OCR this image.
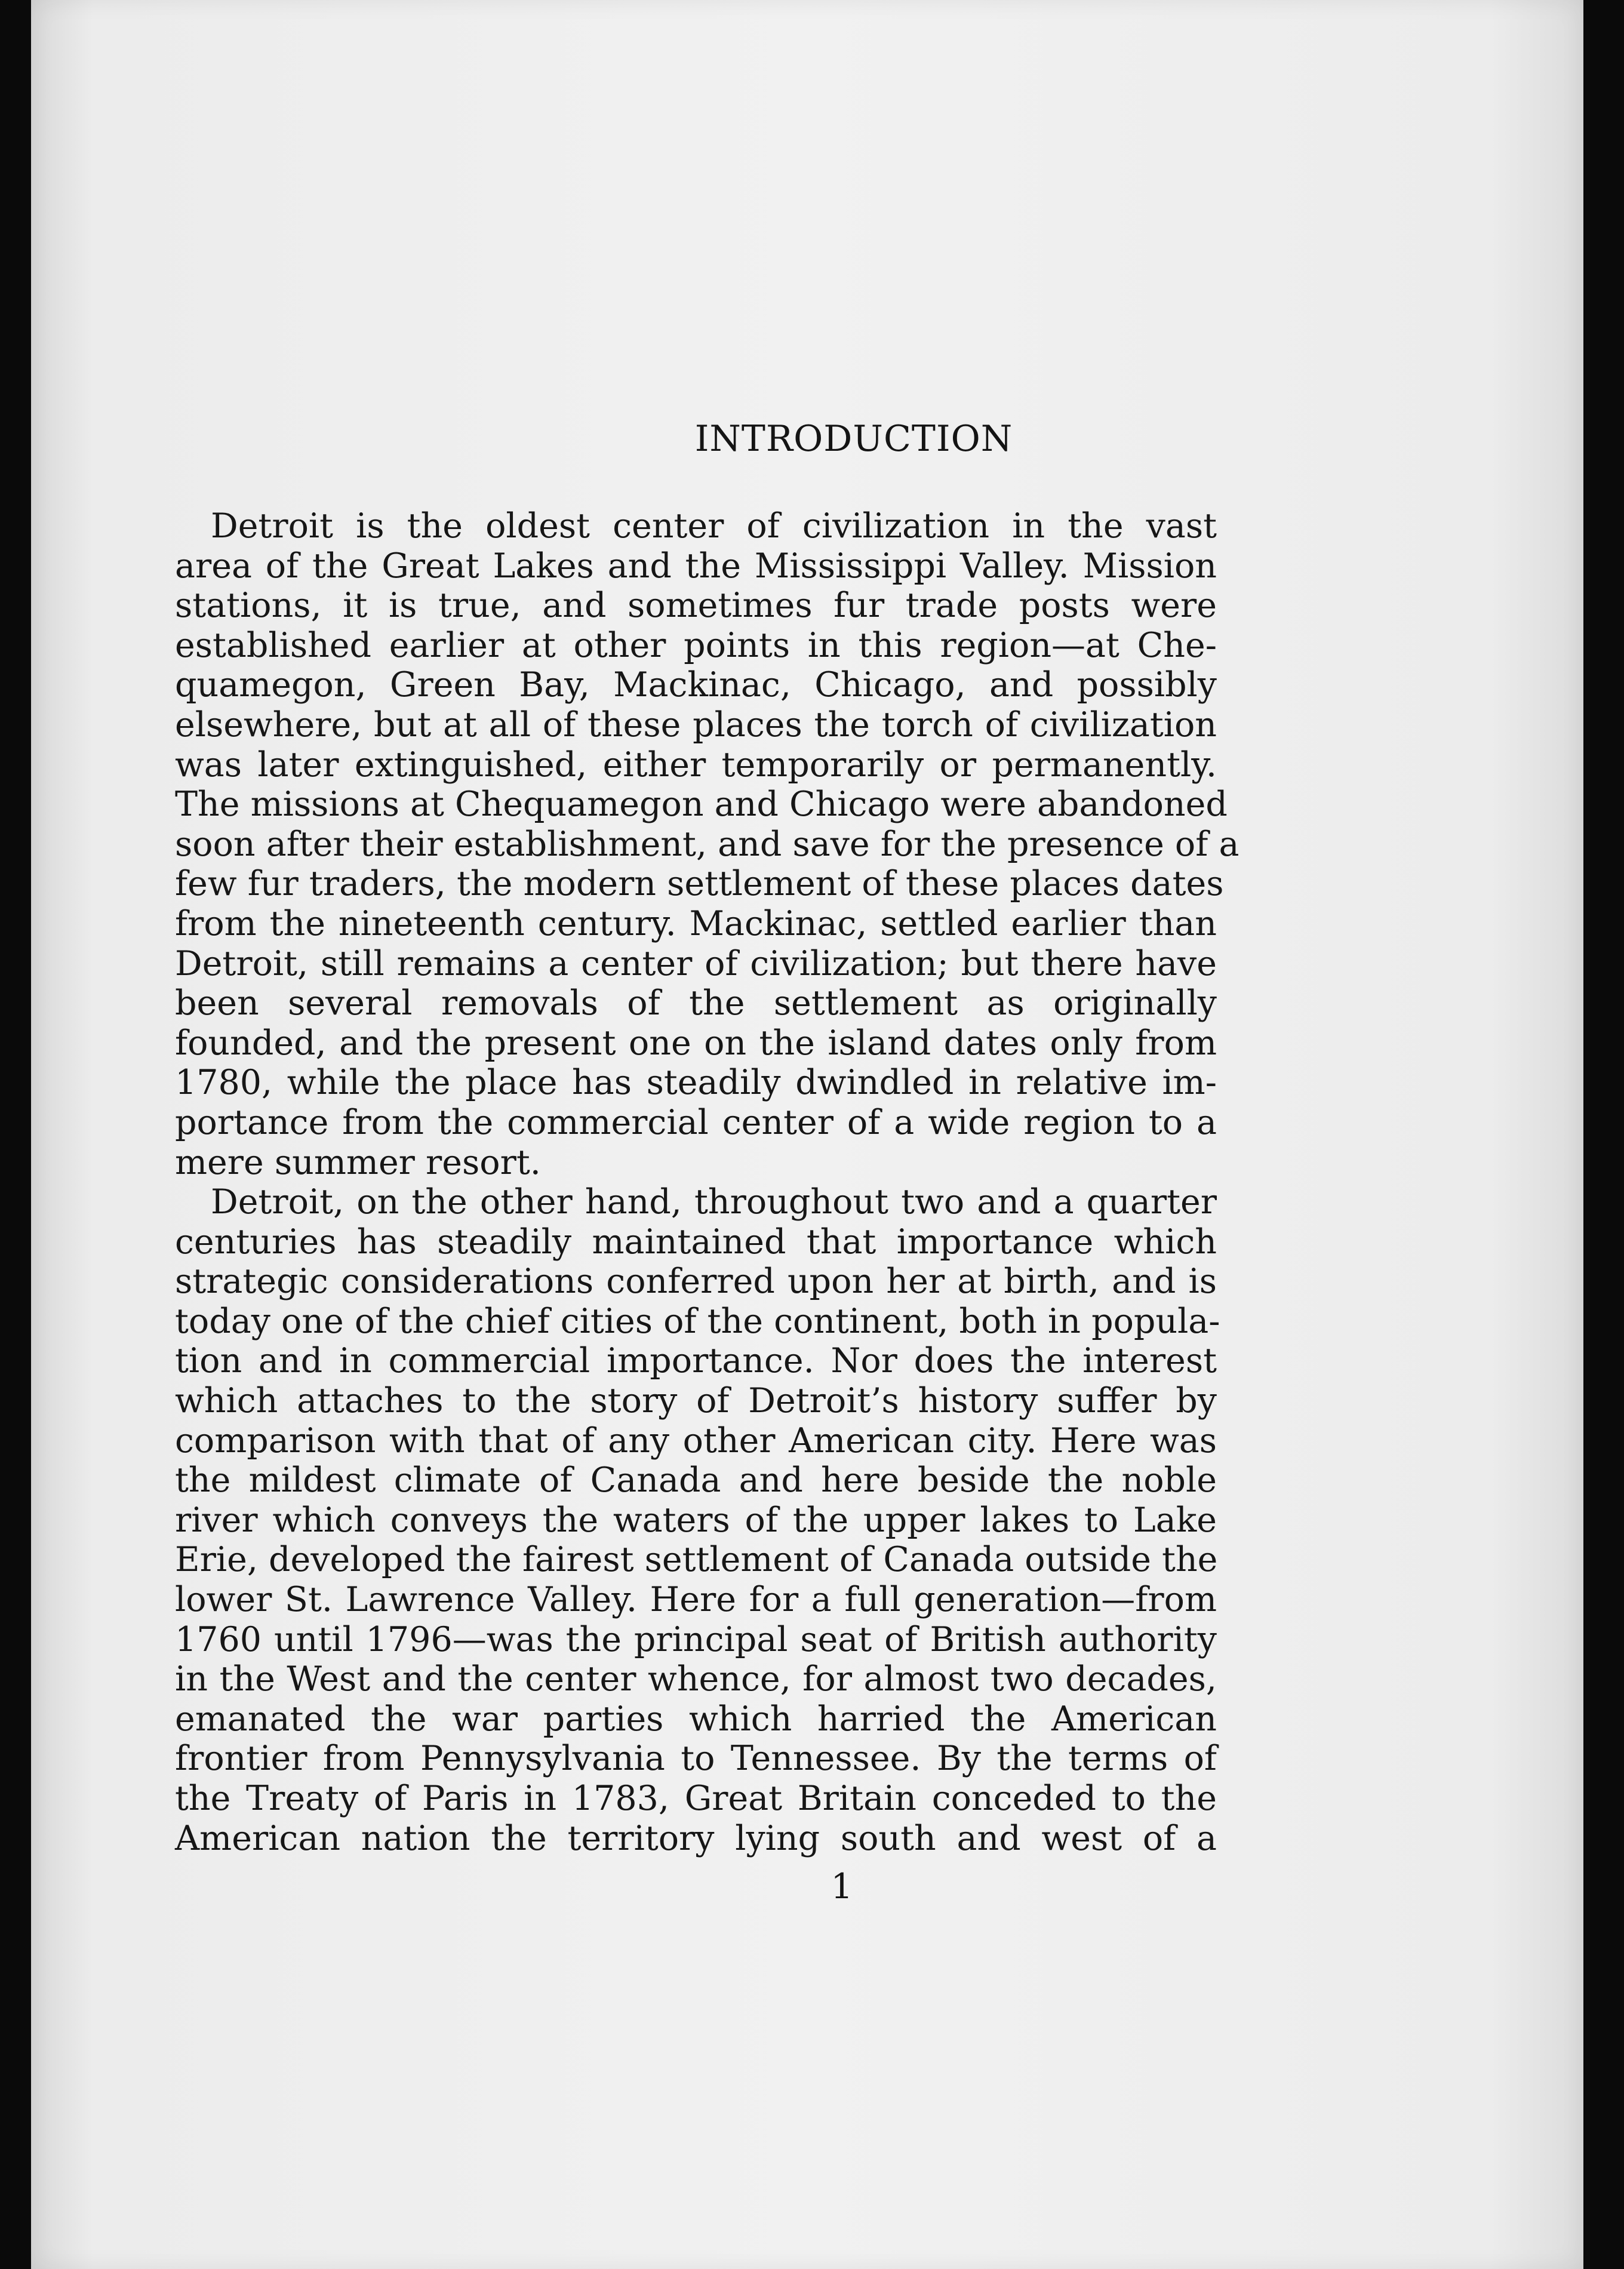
INTRODUCTION
Detroit is the oldest center of civilization in the vast
area of the Great Lakes and the Mississippi Valley. Mission
stations, it is true, and sometimes fur trade posts were
established earlier at other points in this region—at Che-
quamegon, Green Bay, Mackinac, Chicago, and possibly
elsewhere, but at all of these places the torch of civilization
was later extinguished, either temporarily or permanently.
The missions at Chequamegon and Chicago were abandoned
soon after their establishment, and save for the presence of a
few fur traders, the modern settlement of these places dates
from the nineteenth century. Mackinac, settled earlier than
Detroit, still remains a center of civilization; but there have
been several removals of the settlement as originally
founded, and the present one on the island dates only from
1780, while the place has steadily dwindled in relative im-
portance from the commercial center of a wide region to a
mere summer resort.
Detroit, on the other hand, throughout two and a quarter
centuries has steadily maintained that importance which
strategic considerations conferred upon her at birth, and is
today one of the chief cities of the continent, both in popula-
tion and in commercial importance. Nor does the interest
which attaches to the story of Detroit’s history suffer by
comparison with that of any other American city. Here was
the mildest climate of Canada and here beside the noble
river which conveys the waters of the upper lakes to Lake
Erie, developed the fairest settlement of Canada outside the
lower St. Lawrence Valley. Here for a full generation—from
1760 until 1796—was the principal seat of British authority
in the West and the center whence, for almost two decades,
emanated the war parties which harried the American
frontier from Pennysylvania to Tennessee. By the terms of
the Treaty of Paris in 1783, Great Britain conceded to the
American nation the territory lying south and west of a
1
